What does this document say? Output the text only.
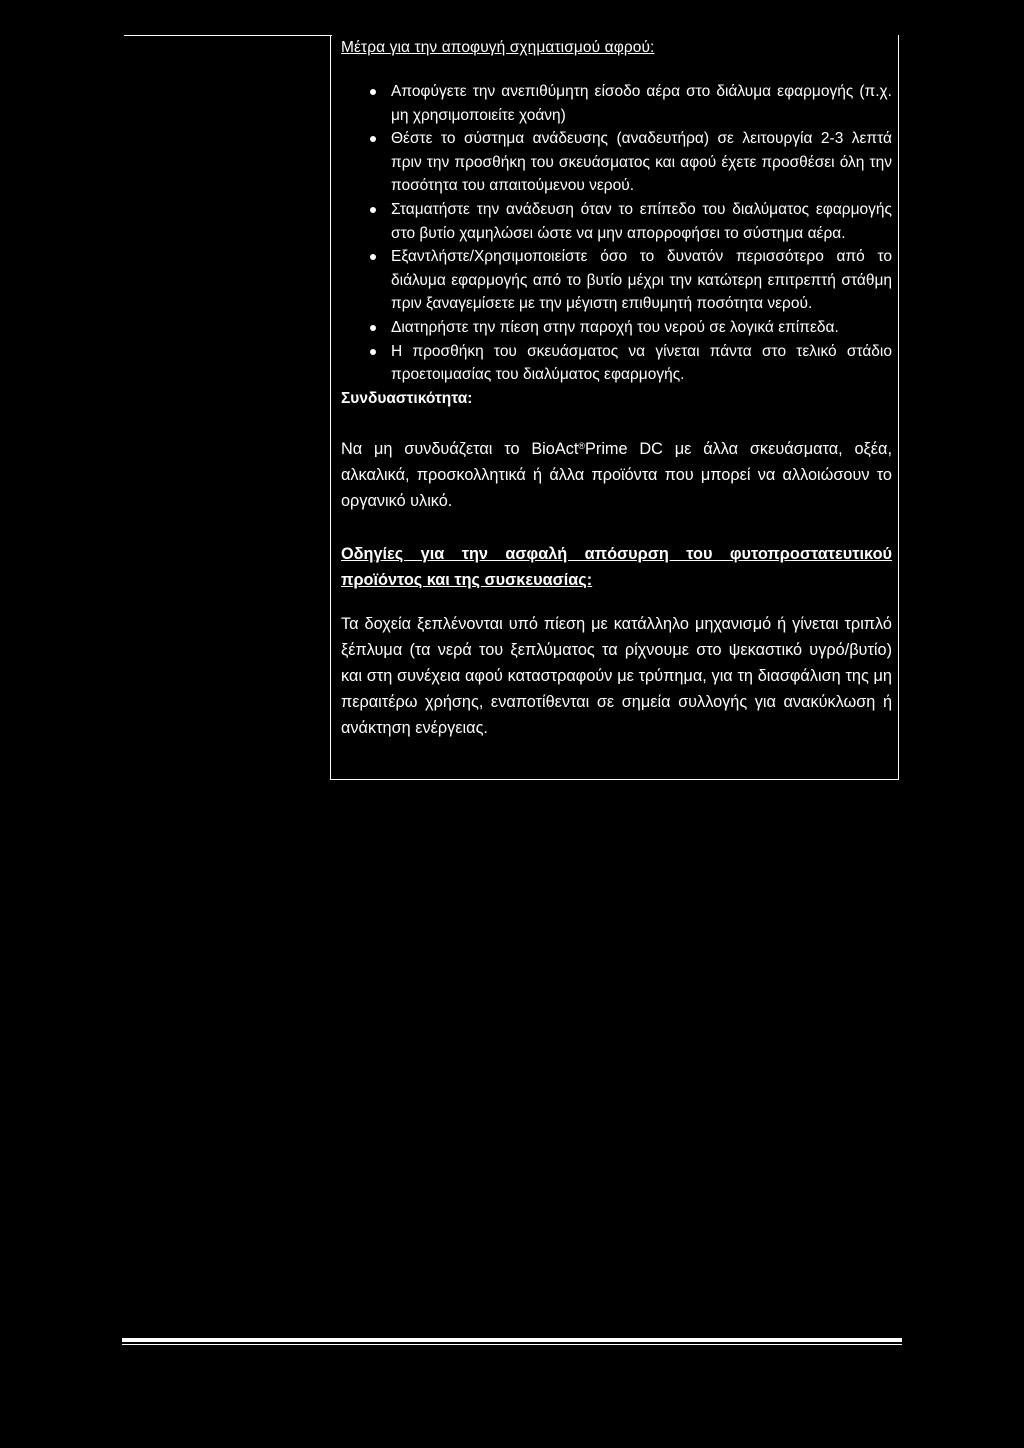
Μέτρα για την αποφυγή σχηματισμού αφρού:

Αποφύγετε την ανεπιθύμητη είσοδο αέρα στο διάλυμα εφαρμογής (π.χ. μη χρησιμοποιείτε χοάνη)
Θέστε το σύστημα ανάδευσης (αναδευτήρα) σε λειτουργία 2-3 λεπτά πριν την προσθήκη του σκευάσματος και αφού έχετε προσθέσει όλη την ποσότητα του απαιτούμενου νερού.
Σταματήστε την ανάδευση όταν το επίπεδο του διαλύματος εφαρμογής στο βυτίο χαμηλώσει ώστε να μην απορροφήσει το σύστημα αέρα.
Εξαντλήστε/Χρησιμοποιείστε όσο το δυνατόν περισσότερο από το διάλυμα εφαρμογής από το βυτίο μέχρι την κατώτερη επιτρεπτή στάθμη πριν ξαναγεμίσετε με την μέγιστη επιθυμητή ποσότητα νερού.
Διατηρήστε την πίεση στην παροχή του νερού σε λογικά επίπεδα.
Η προσθήκη του σκευάσματος να γίνεται πάντα στο τελικό στάδιο προετοιμασίας του διαλύματος εφαρμογής.

Συνδυαστικότητα:

Να μη συνδυάζεται το BioAct®Prime DC με άλλα σκευάσματα, οξέα, αλκαλικά, προσκολλητικά ή άλλα προϊόντα που μπορεί να αλλοιώσουν το οργανικό υλικό.

Οδηγίες για την ασφαλή απόσυρση του φυτοπροστατευτικού προϊόντος και της συσκευασίας:

Τα δοχεία ξεπλένονται υπό πίεση με κατάλληλο μηχανισμό ή γίνεται τριπλό ξέπλυμα (τα νερά του ξεπλύματος τα ρίχνουμε στο ψεκαστικό υγρό/βυτίο) και στη συνέχεια αφού καταστραφούν με τρύπημα, για τη διασφάλιση της μη περαιτέρω χρήσης, εναποτίθενται σε σημεία συλλογής για ανακύκλωση ή ανάκτηση ενέργειας.
